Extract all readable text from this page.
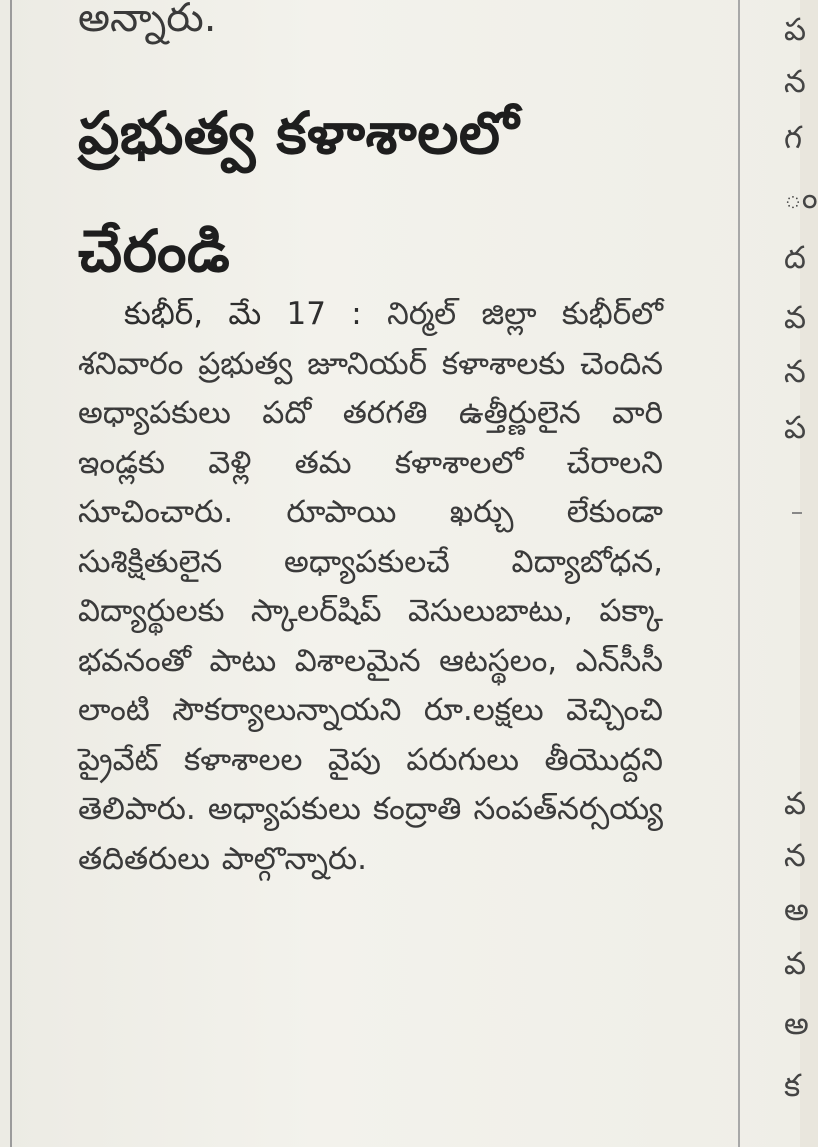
అన్నారు.
ప్రభుత్వ కళాశాలలో చేరండి

కుభీర్, మే 17 : నిర్మల్ జిల్లా కుభీర్‌లో శనివారం ప్రభుత్వ జూనియర్ కళాశాలకు చెందిన అధ్యాపకులు పదో తరగతి ఉత్తీర్ణులైన వారి ఇండ్లకు వెళ్లి తమ కళాశాలలో చేరాలని సూచించారు. రూపాయి ఖర్చు లేకుండా సుశిక్షితులైన అధ్యాపకులచే విద్యాబోధన, విద్యార్థులకు స్కాలర్‌షిప్ వెసులుబాటు, పక్కా భవనంతో పాటు విశాలమైన ఆటస్థలం, ఎన్‌సీసీ లాంటి సౌకర్యాలున్నాయని రూ.లక్షలు వెచ్చించి ప్రైవేట్ కళాశాలల వైపు పరుగులు తీయొద్దని తెలిపారు. అధ్యాపకులు కంద్రాతి సంపత్‌నర్సయ్య తదితరులు పాల్గొన్నారు.

ప
న
గ
ం
ద
వ
న
ప
వ
న
అ
వ
అ
క
